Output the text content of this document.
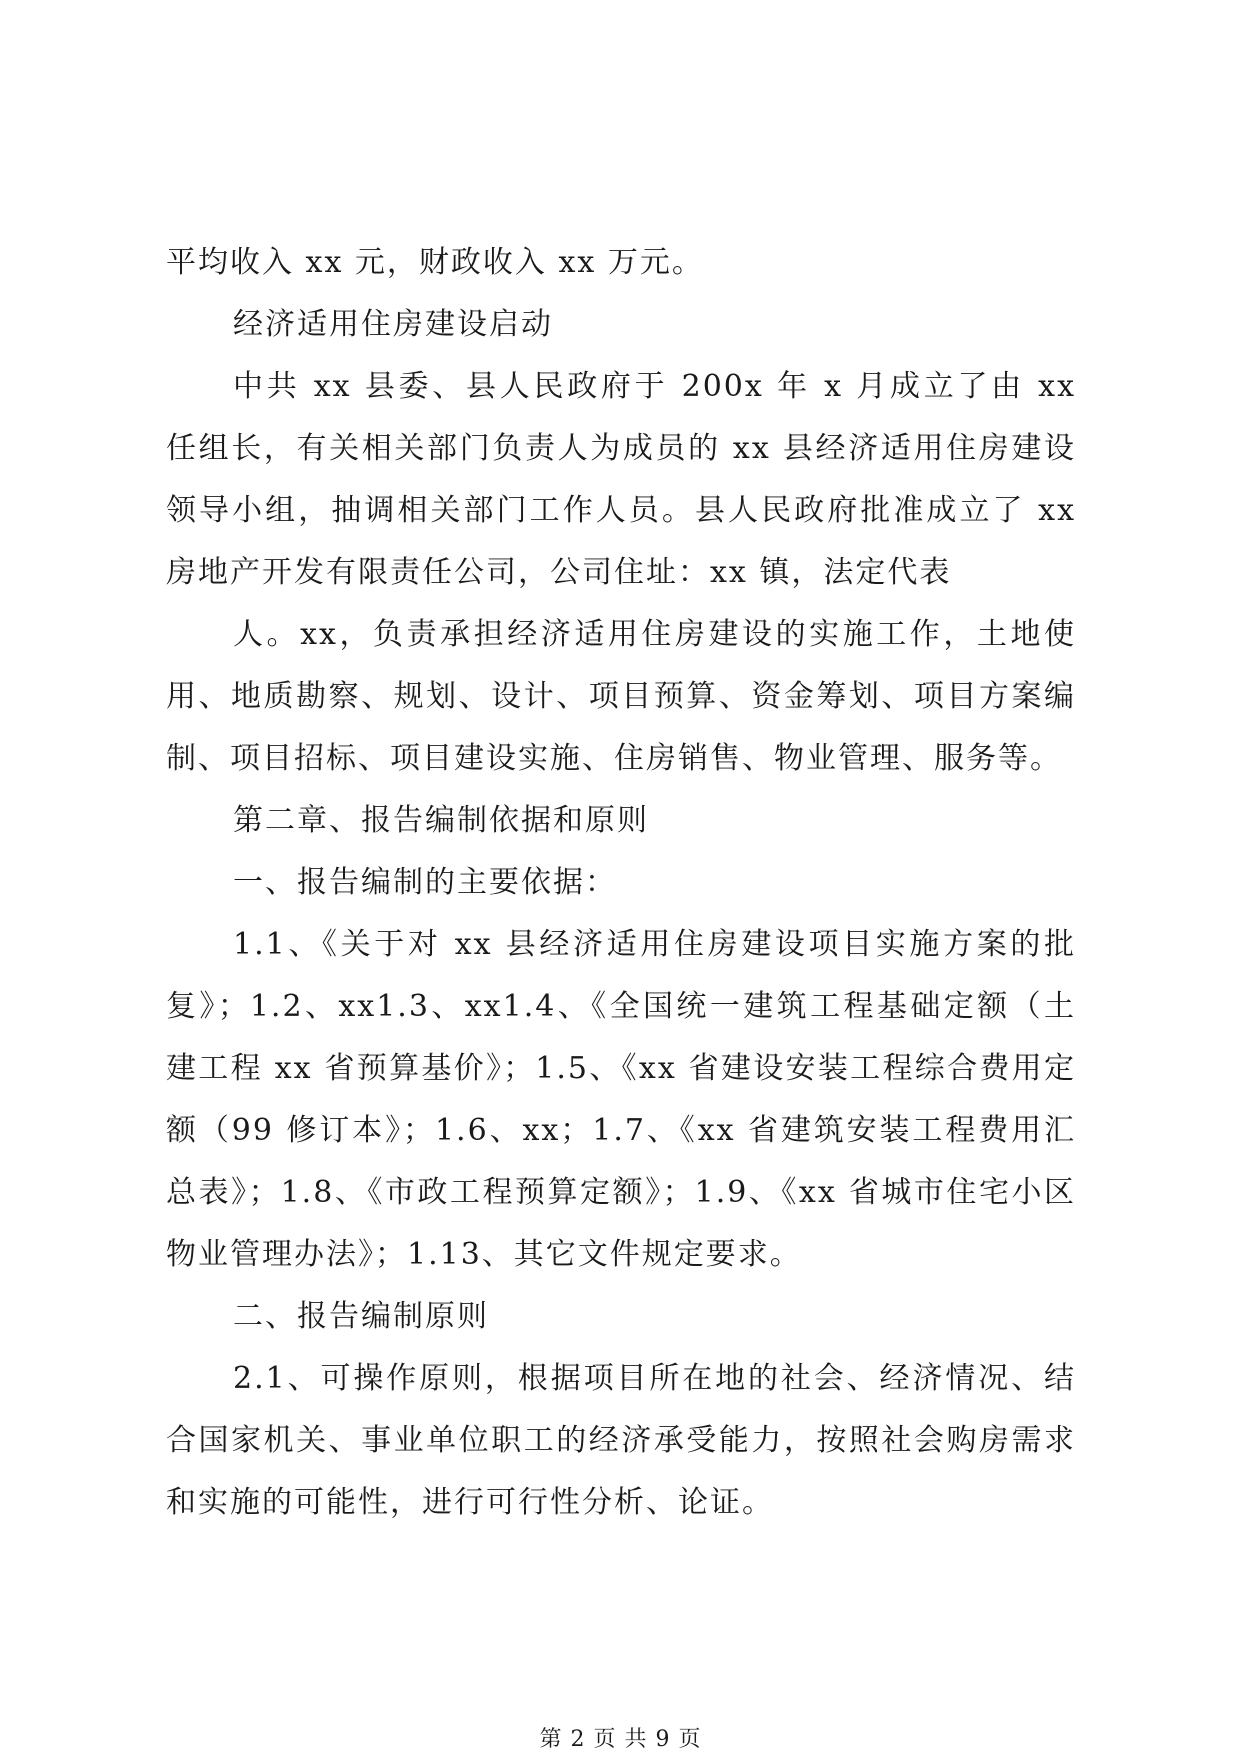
平均收入 xx 元，财政收入 xx 万元。

经济适用住房建设启动

中共 xx 县委、县人民政府于 200x 年 x 月成立了由 xx 任组长，有关相关部门负责人为成员的 xx 县经济适用住房建设领导小组，抽调相关部门工作人员。县人民政府批准成立了 xx 房地产开发有限责任公司，公司住址：xx 镇，法定代表

人。xx，负责承担经济适用住房建设的实施工作，土地使用、地质勘察、规划、设计、项目预算、资金筹划、项目方案编制、项目招标、项目建设实施、住房销售、物业管理、服务等。

第二章、报告编制依据和原则

一、报告编制的主要依据：

1.1、《关于对 xx 县经济适用住房建设项目实施方案的批复》；1.2、xx1.3、xx1.4、《全国统一建筑工程基础定额（土建工程 xx 省预算基价》；1.5、《xx 省建设安装工程综合费用定额（99 修订本》；1.6、xx；1.7、《xx 省建筑安装工程费用汇总表》；1.8、《市政工程预算定额》；1.9、《xx 省城市住宅小区物业管理办法》；1.13、其它文件规定要求。

二、报告编制原则

2.1、可操作原则，根据项目所在地的社会、经济情况、结合国家机关、事业单位职工的经济承受能力，按照社会购房需求和实施的可能性，进行可行性分析、论证。

第 2 页 共 9 页
